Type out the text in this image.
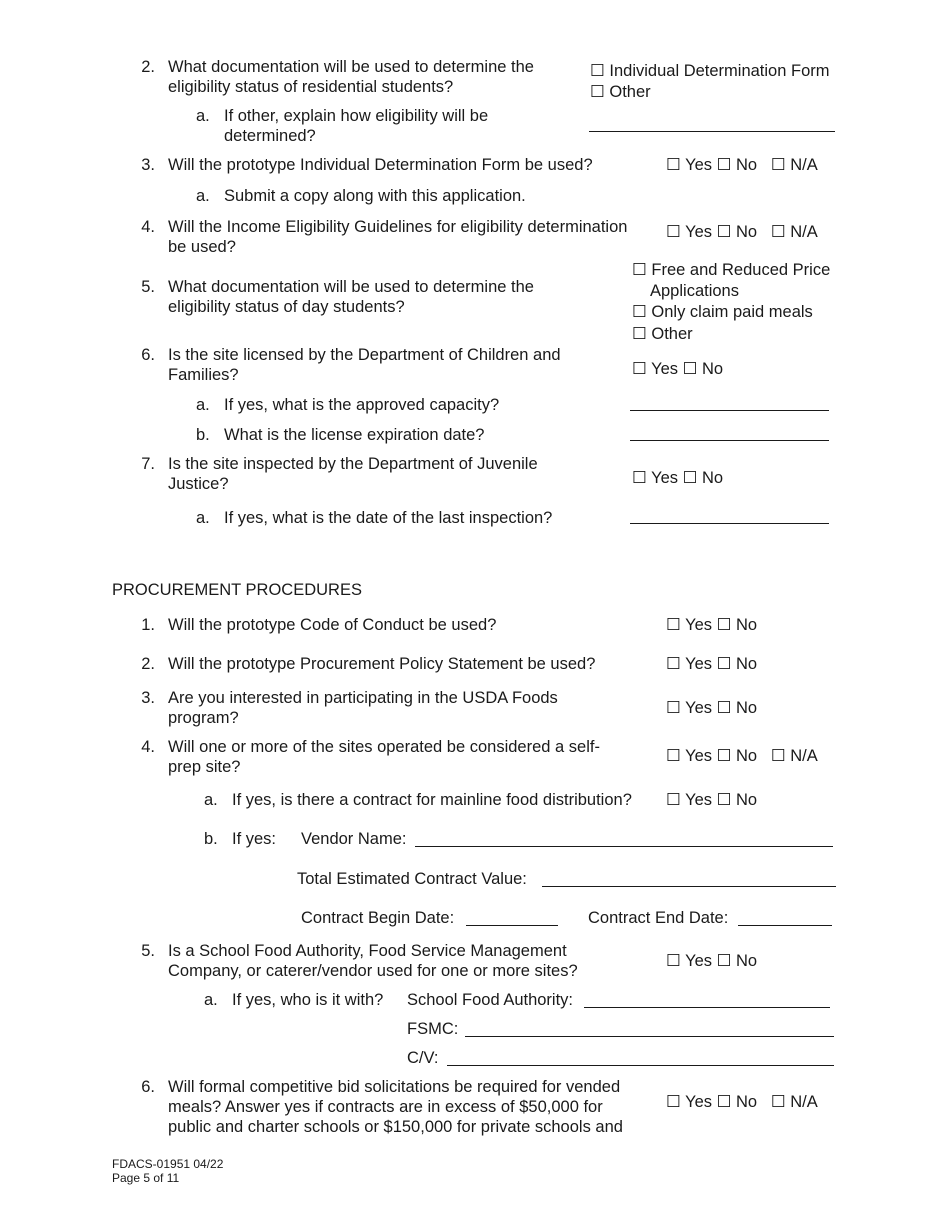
2. What documentation will be used to determine the
eligibility status of residential students?
☐ Individual Determination Form
☐ Other
a. If other, explain how eligibility will be
determined?
3. Will the prototype Individual Determination Form be used?	☐ Yes ☐ No ☐ N/A
a. Submit a copy along with this application.
4. Will the Income Eligibility Guidelines for eligibility determination
be used?
☐ Yes ☐ No ☐ N/A
5. What documentation will be used to determine the
eligibility status of day students?
☐ Free and Reduced Price
Applications
☐ Only claim paid meals
☐ Other
6. Is the site licensed by the Department of Children and
Families?	☐ Yes ☐ No
a. If yes, what is the approved capacity?
b. What is the license expiration date?
7. Is the site inspected by the Department of Juvenile
Justice?	☐ Yes ☐ No
a. If yes, what is the date of the last inspection?
PROCUREMENT PROCEDURES
1. Will the prototype Code of Conduct be used?	☐ Yes ☐ No
2. Will the prototype Procurement Policy Statement be used?	☐ Yes ☐ No
3. Are you interested in participating in the USDA Foods
program?
☐ Yes ☐ No
4. Will one or more of the sites operated be considered a self-
prep site?
☐ Yes ☐ No ☐ N/A
a. If yes, is there a contract for mainline food distribution? ☐ Yes ☐ No
b. If yes: Vendor Name:
Total Estimated Contract Value:
Contract Begin Date:	Contract End Date:
5. Is a School Food Authority, Food Service Management
Company, or caterer/vendor used for one or more sites?
☐ Yes ☐ No
a. If yes, who is it with? School Food Authority:
FSMC:
C/V:
6. Will formal competitive bid solicitations be required for vended
meals? Answer yes if contracts are in excess of $50,000 for
public and charter schools or $150,000 for private schools and
☐ Yes ☐ No ☐ N/A
FDACS-01951 04/22
Page 5 of 11
